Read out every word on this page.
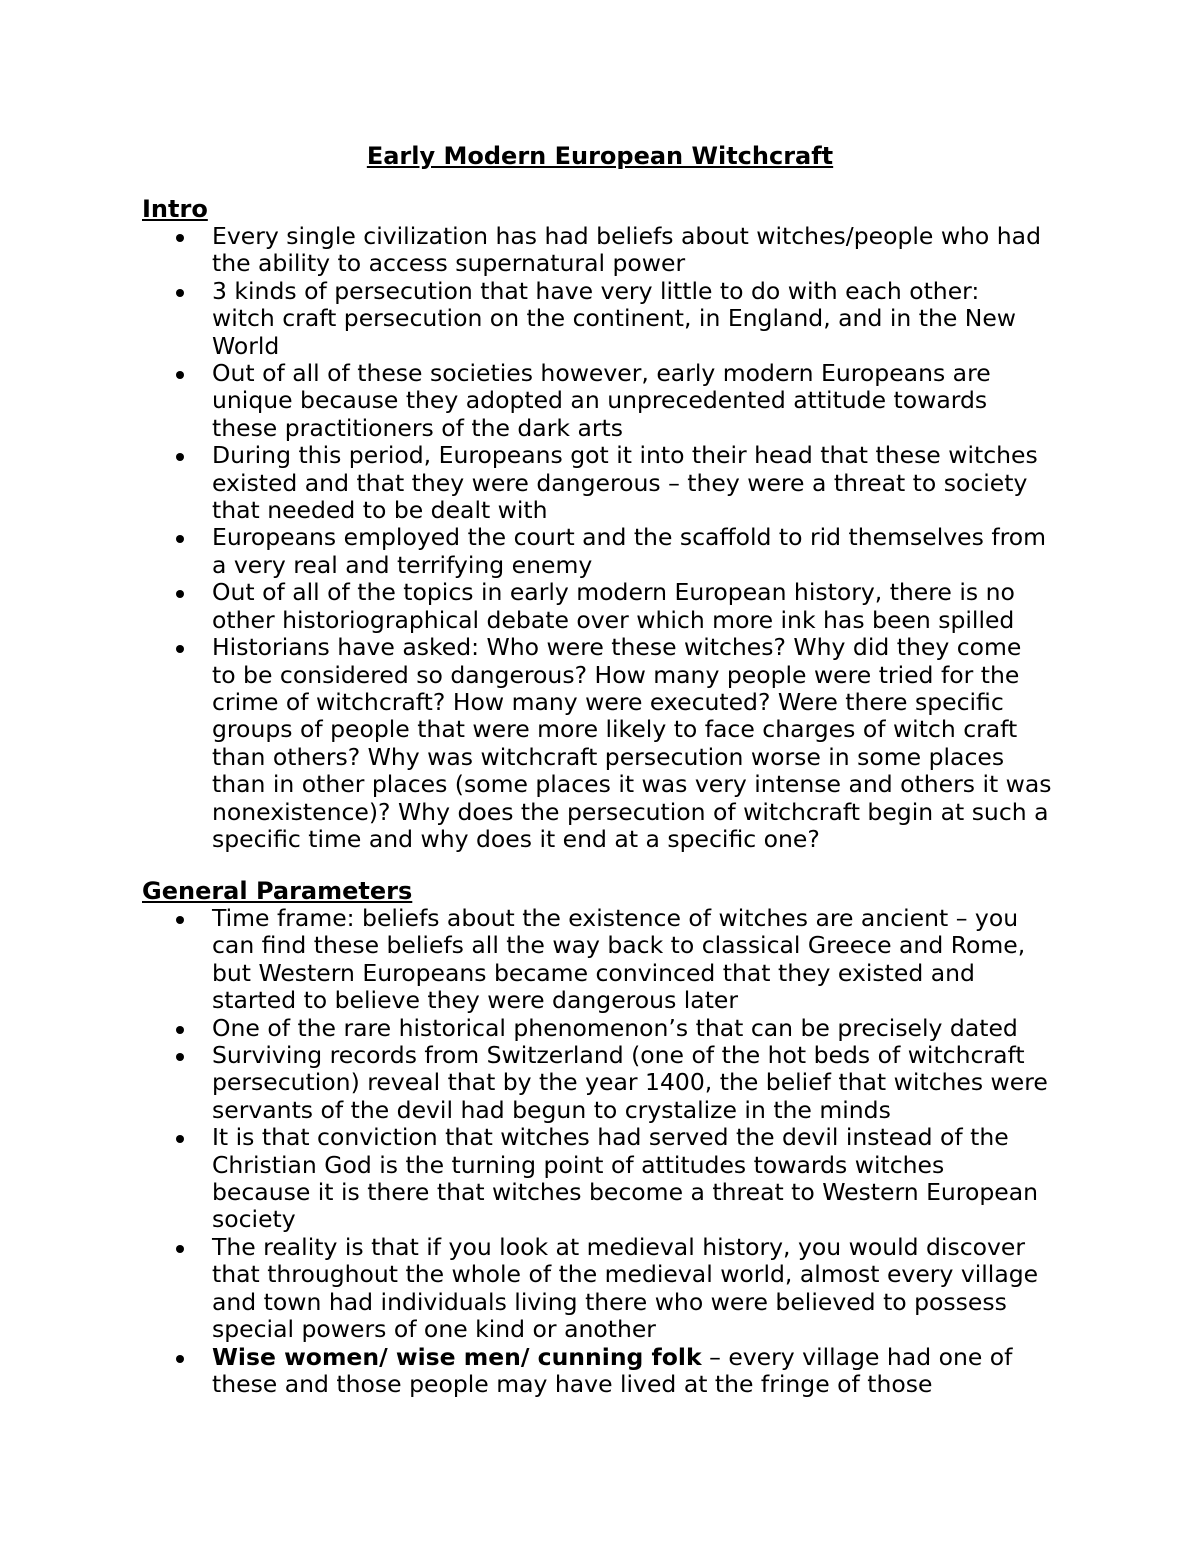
Early Modern European Witchcraft
Intro
Every single civilization has had beliefs about witches/people who had
the ability to access supernatural power
3 kinds of persecution that have very little to do with each other:
witch craft persecution on the continent, in England, and in the New
World
Out of all of these societies however, early modern Europeans are
unique because they adopted an unprecedented attitude towards
these practitioners of the dark arts
During this period, Europeans got it into their head that these witches
existed and that they were dangerous – they were a threat to society
that needed to be dealt with
Europeans employed the court and the scaffold to rid themselves from
a very real and terrifying enemy
Out of all of the topics in early modern European history, there is no
other historiographical debate over which more ink has been spilled
Historians have asked: Who were these witches? Why did they come
to be considered so dangerous? How many people were tried for the
crime of witchcraft? How many were executed? Were there specific
groups of people that were more likely to face charges of witch craft
than others? Why was witchcraft persecution worse in some places
than in other places (some places it was very intense and others it was
nonexistence)? Why does the persecution of witchcraft begin at such a
specific time and why does it end at a specific one?
General Parameters
Time frame: beliefs about the existence of witches are ancient – you
can find these beliefs all the way back to classical Greece and Rome,
but Western Europeans became convinced that they existed and
started to believe they were dangerous later
One of the rare historical phenomenon’s that can be precisely dated
Surviving records from Switzerland (one of the hot beds of witchcraft
persecution) reveal that by the year 1400, the belief that witches were
servants of the devil had begun to crystalize in the minds
It is that conviction that witches had served the devil instead of the
Christian God is the turning point of attitudes towards witches
because it is there that witches become a threat to Western European
society
The reality is that if you look at medieval history, you would discover
that throughout the whole of the medieval world, almost every village
and town had individuals living there who were believed to possess
special powers of one kind or another
Wise women/ wise men/ cunning folk – every village had one of
these and those people may have lived at the fringe of those
